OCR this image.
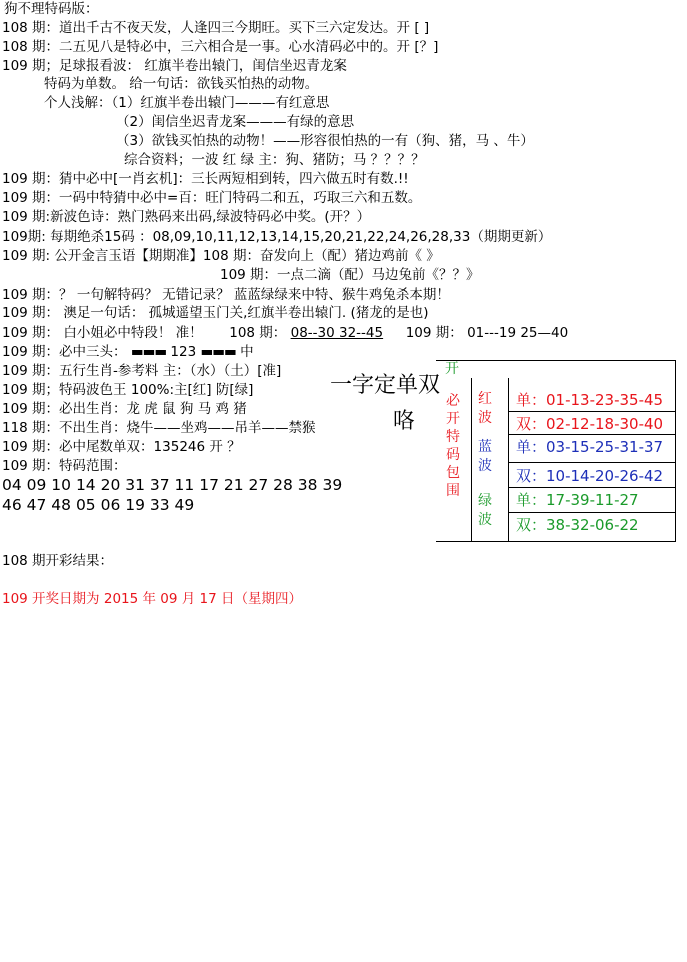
狗不理特码版：
108 期：道出千古不夜天发，人逢四三今期旺。买下三六定发达。开 [ ]
108 期：二五见八是特必中，三六相合是一事。心水清码必中的。开 [？]
109 期；足球报看波： 红旗半卷出辕门，闺信坐迟青龙案
特码为单数。 给一句话：欲钱买怕热的动物。
个人浅解：（1）红旗半卷出辕门———有红意思
（2）闺信坐迟青龙案———有绿的意思
（3）欲钱买怕热的动物！——形容很怕热的一有（狗、猪，马 、牛）
综合资料；一波 红 绿 主：狗、猪防；马 ？？？？
109 期：猜中必中[一肖玄机]：三长两短相到转，四六做五时有数.!!
109 期：一码中特猜中必中=百：旺门特码二和五，巧取三六和五数。
109 期:新波色诗：熟门熟码来出码,绿波特码必中奖。(开？）
109期: 每期绝杀15码 ：08,09,10,11,12,13,14,15,20,21,22,24,26,28,33（期期更新）
109 期: 公开金言玉语【期期准】108 期：奋发向上（配）猪边鸡前《 》
109 期：一点二滴（配）马边兔前《？？》
109 期：？ 一句解特码？ 无错记录？ 蓝蓝绿绿来中特、猴牛鸡兔杀本期！
109 期： 澳足一句话： 孤城遥望玉门关,红旗半卷出辕门. (猪龙的是也)
109 期： 白小姐必中特段！ 准！ 108 期： 08--30 32--45 109 期： 01---19 25—40
109 期：必中三头： ▬▬▬ 123 ▬▬▬ 中
109 期：五行生肖-参考料 主：（水）（土）[准]
109 期；特码波色王 100%:主[红] 防[绿]
109 期：必出生肖：龙 虎 鼠 狗 马 鸡 猪
118 期：不出生肖：烧牛——坐鸡——吊羊——禁猴
109 期：必中尾数单双：135246 开 ？
109 期：特码范围：
04 09 10 14 20 31 37 11 17 21 27 28 38 39
46 47 48 05 06 19 33 49
108 期开彩结果：
109 开奖日期为 2015 年 09 月 17 日（星期四）
一字定单双
咯
开
必开特码包围
红波
蓝波
绿波
单：01-13-23-35-45
双：02-12-18-30-40
单：03-15-25-31-37
双：10-14-20-26-42
单：17-39-11-27
双：38-32-06-22
